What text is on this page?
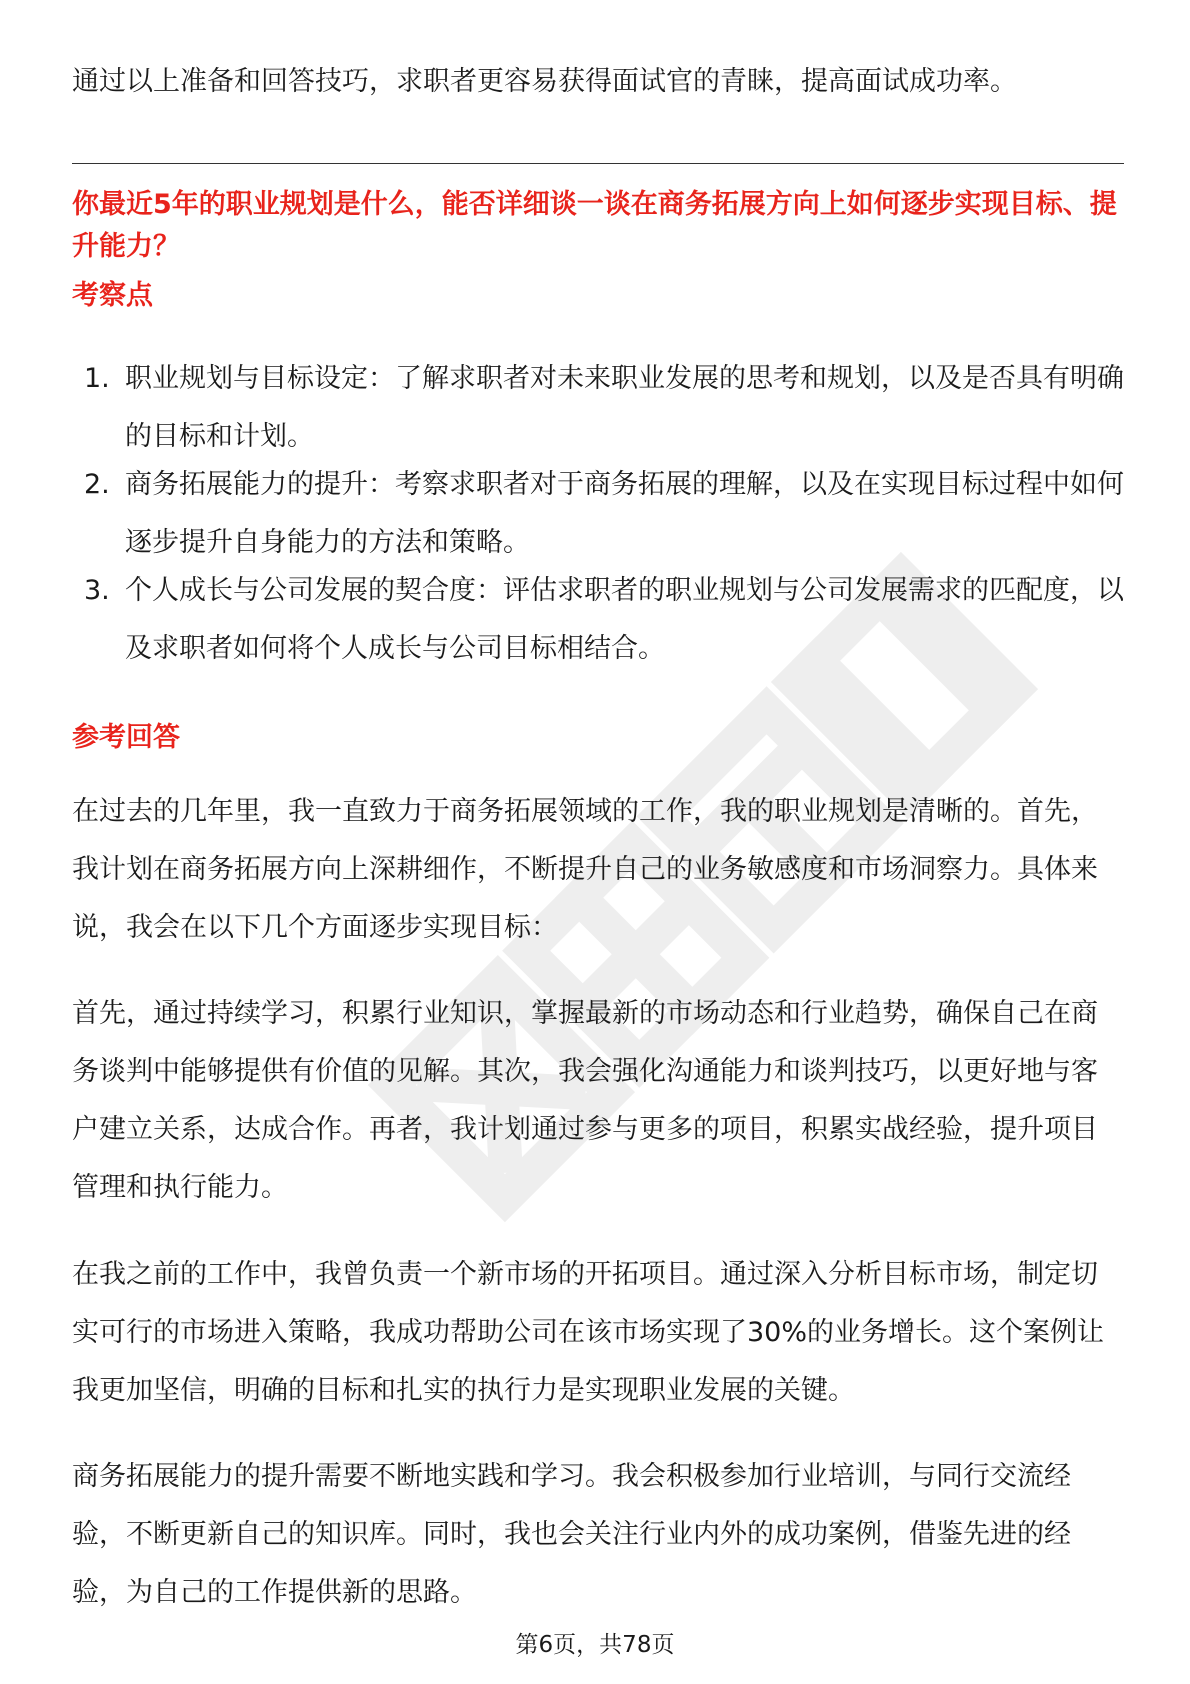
通过以上准备和回答技巧，求职者更容易获得面试官的青睐，提高面试成功率。

你最近5年的职业规划是什么，能否详细谈一谈在商务拓展方向上如何逐步实现目标、提升能力？

考察点

1. 职业规划与目标设定：了解求职者对未来职业发展的思考和规划，以及是否具有明确的目标和计划。
2. 商务拓展能力的提升：考察求职者对于商务拓展的理解，以及在实现目标过程中如何逐步提升自身能力的方法和策略。
3. 个人成长与公司发展的契合度：评估求职者的职业规划与公司发展需求的匹配度，以及求职者如何将个人成长与公司目标相结合。

参考回答

在过去的几年里，我一直致力于商务拓展领域的工作，我的职业规划是清晰的。首先，我计划在商务拓展方向上深耕细作，不断提升自己的业务敏感度和市场洞察力。具体来说，我会在以下几个方面逐步实现目标：

首先，通过持续学习，积累行业知识，掌握最新的市场动态和行业趋势，确保自己在商务谈判中能够提供有价值的见解。其次，我会强化沟通能力和谈判技巧，以更好地与客户建立关系，达成合作。再者，我计划通过参与更多的项目，积累实战经验，提升项目管理和执行能力。

在我之前的工作中，我曾负责一个新市场的开拓项目。通过深入分析目标市场，制定切实可行的市场进入策略，我成功帮助公司在该市场实现了30%的业务增长。这个案例让我更加坚信，明确的目标和扎实的执行力是实现职业发展的关键。

商务拓展能力的提升需要不断地实践和学习。我会积极参加行业培训，与同行交流经验，不断更新自己的知识库。同时，我也会关注行业内外的成功案例，借鉴先进的经验，为自己的工作提供新的思路。

第6页，共78页
